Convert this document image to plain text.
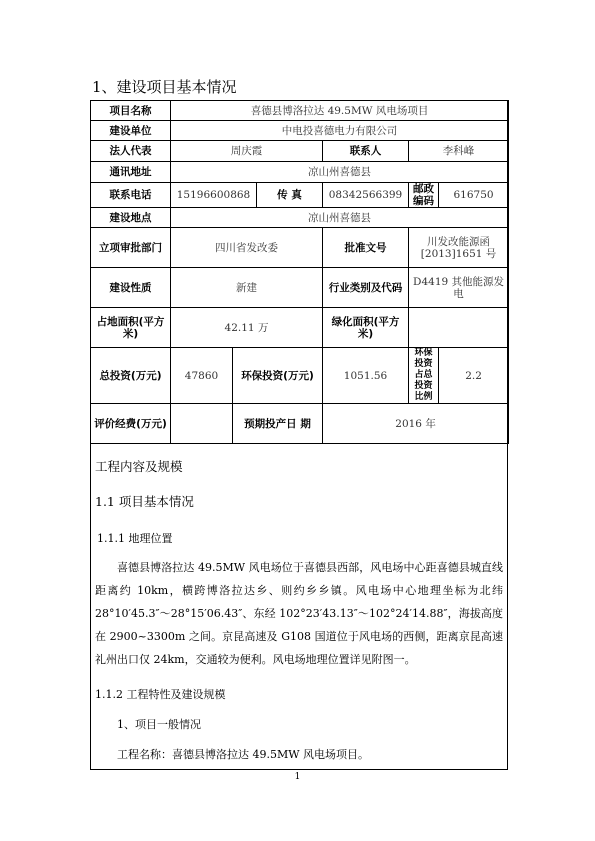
1、建设项目基本情况
项目名称	喜德县博洛拉达 49.5MW 风电场项目					
建设单位	中电投喜德电力有限公司					
法人代表	周庆霞			联系人	李科峰	
通讯地址	凉山州喜德县					
联系电话	15196600868		传 真	08342566399	邮政编码	616750
建设地点	凉山州喜德县					
立项审批部门	四川省发改委			批准文号	川发改能源函 [2013]1651 号	
建设性质	新建			行业类别及代码	D4419 其他能源发电	
占地面积(平方米)	42.11 万			绿化面积(平方米)		
总投资(万元)	47860	环保投资(万元)		1051.56	环保投资占总投资比例	2.2
评价经费(万元)		预期投产日 期		2016 年		
工程内容及规模
1.1 项目基本情况
1.1.1 地理位置
喜德县博洛拉达 49.5MW 风电场位于喜德县西部，风电场中心距喜德县城直线距离约 10km，横跨博洛拉达乡、则约乡乡镇。风电场中心地理坐标为北纬 28°10′45.3″～28°15′06.43″、东经 102°23′43.13″～102°24′14.88″，海拔高度在 2900~3300m 之间。京昆高速及 G108 国道位于风电场的西侧，距离京昆高速礼州出口仅 24km，交通较为便利。风电场地理位置详见附图一。
1.1.2 工程特性及建设规模
1、项目一般情况
工程名称：喜德县博洛拉达 49.5MW 风电场项目。
1
